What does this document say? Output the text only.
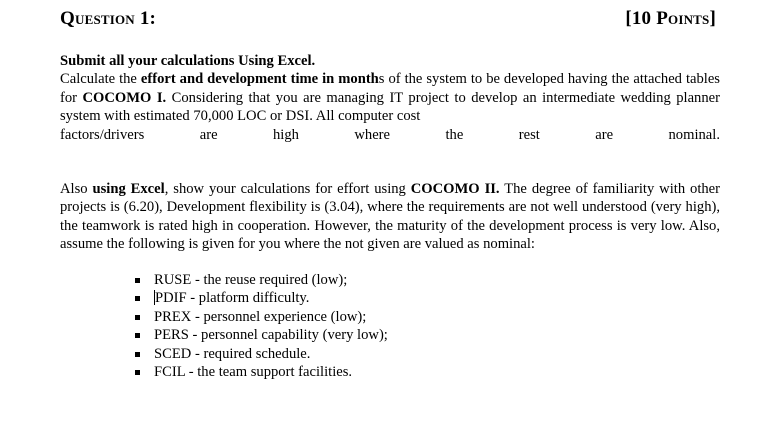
Question 1:	[10 Points]
Submit all your calculations Using Excel.
Calculate the effort and development time in months of the system to be developed having the attached tables for COCOMO I. Considering that you are managing IT project to develop an intermediate wedding planner system with estimated 70,000 LOC or DSI. All computer cost
factors/drivers are high where the rest are nominal.
Also using Excel, show your calculations for effort using COCOMO II. The degree of familiarity with other projects is (6.20), Development flexibility is (3.04), where the requirements are not well understood (very high), the teamwork is rated high in cooperation. However, the maturity of the development process is very low. Also, assume the following is given for you where the not given are valued as nominal:
RUSE - the reuse required (low);
PDIF - platform difficulty.
PREX - personnel experience (low);
PERS - personnel capability (very low);
SCED - required schedule.
FCIL - the team support facilities.
